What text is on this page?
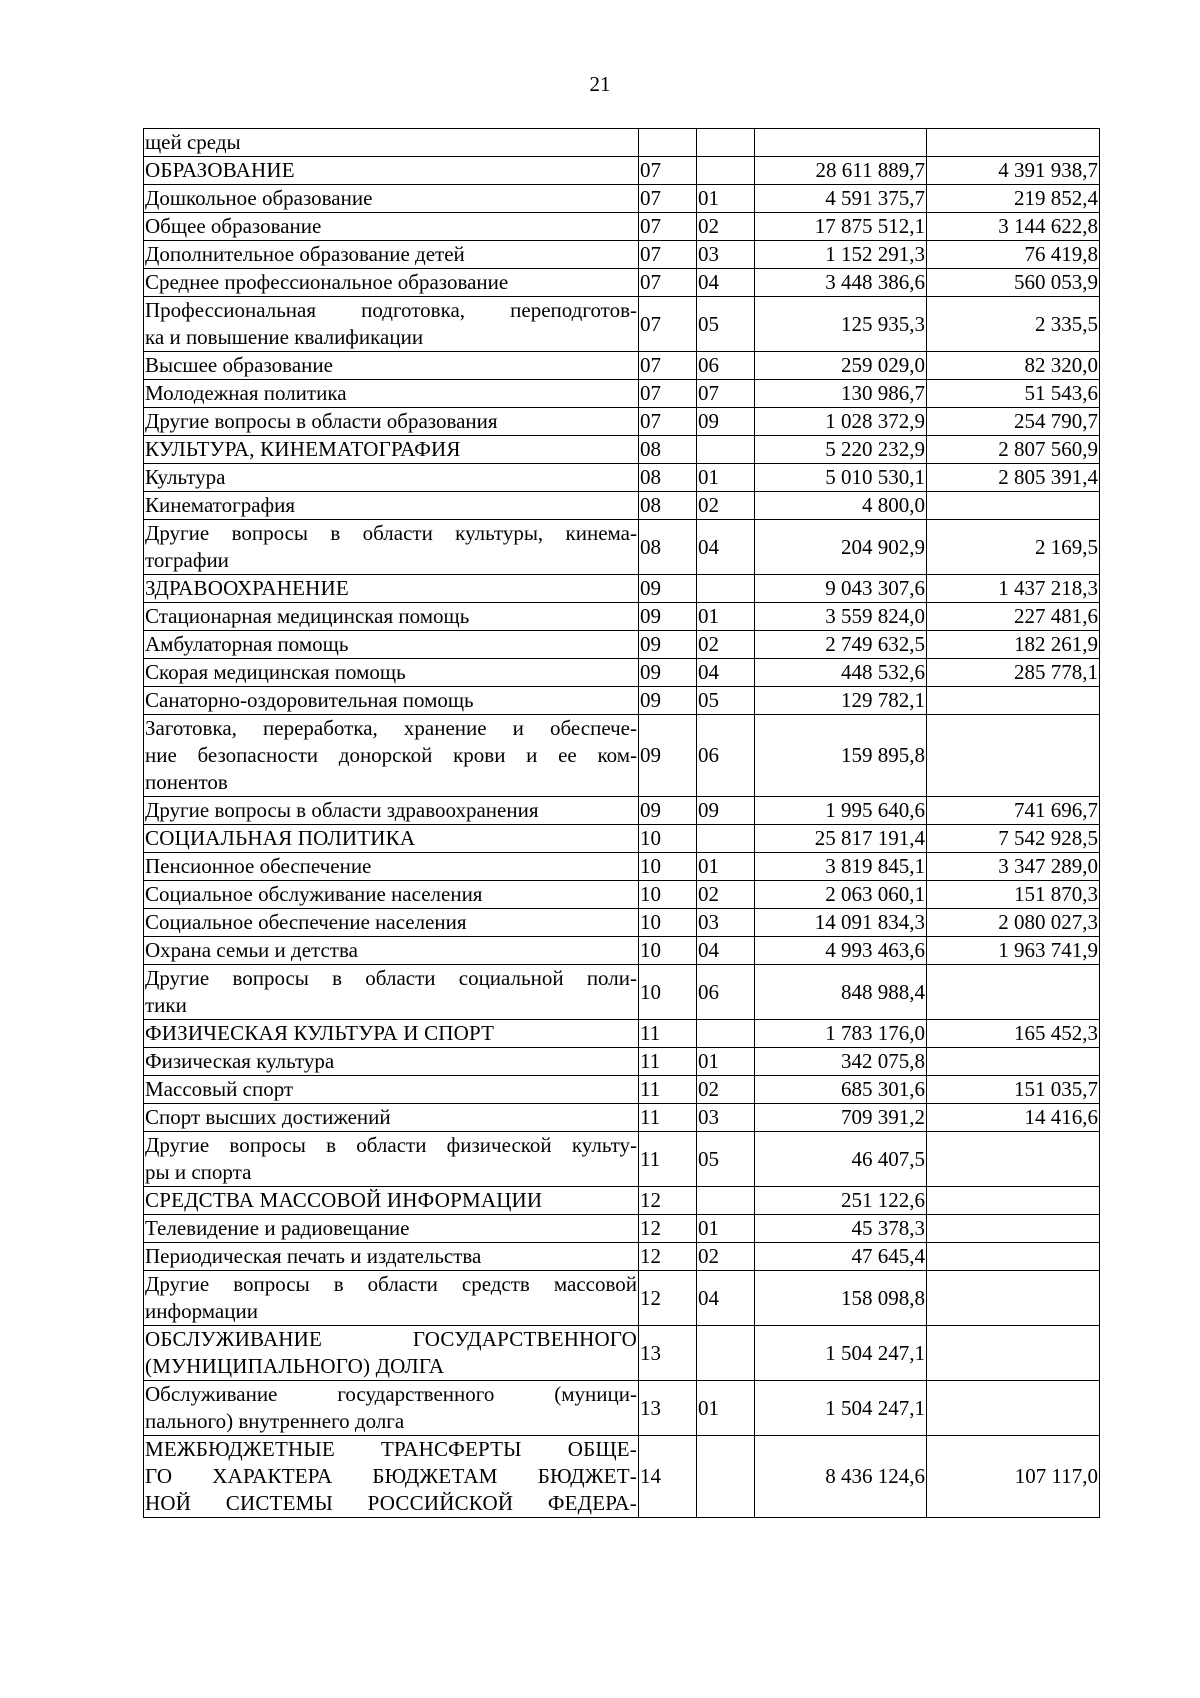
21
щей среды				

ОБРАЗОВАНИЕ	07		28 611 889,7	4 391 938,7

Дошкольное образование	07	01	4 591 375,7	219 852,4

Общее образование	07	02	17 875 512,1	3 144 622,8

Дополнительное образование детей	07	03	1 152 291,3	76 419,8

Среднее профессиональное образование	07	04	3 448 386,6	560 053,9

Профессиональная подготовка, переподготов-
ка и повышение квалификации	07	05	125 935,3	2 335,5

Высшее образование	07	06	259 029,0	82 320,0

Молодежная политика	07	07	130 986,7	51 543,6

Другие вопросы в области образования	07	09	1 028 372,9	254 790,7

КУЛЬТУРА, КИНЕМАТОГРАФИЯ	08		5 220 232,9	2 807 560,9

Культура	08	01	5 010 530,1	2 805 391,4

Кинематография	08	02	4 800,0	

Другие вопросы в области культуры, кинема-
тографии	08	04	204 902,9	2 169,5

ЗДРАВООХРАНЕНИЕ	09		9 043 307,6	1 437 218,3

Стационарная медицинская помощь	09	01	3 559 824,0	227 481,6

Амбулаторная помощь	09	02	2 749 632,5	182 261,9

Скорая медицинская помощь	09	04	448 532,6	285 778,1

Санаторно-оздоровительная помощь	09	05	129 782,1	

Заготовка, переработка, хранение и обеспече-
ние безопасности донорской крови и ее ком-
понентов	09	06	159 895,8	

Другие вопросы в области здравоохранения	09	09	1 995 640,6	741 696,7

СОЦИАЛЬНАЯ ПОЛИТИКА	10		25 817 191,4	7 542 928,5

Пенсионное обеспечение	10	01	3 819 845,1	3 347 289,0

Социальное обслуживание населения	10	02	2 063 060,1	151 870,3

Социальное обеспечение населения	10	03	14 091 834,3	2 080 027,3

Охрана семьи и детства	10	04	4 993 463,6	1 963 741,9

Другие вопросы в области социальной поли-
тики	10	06	848 988,4	

ФИЗИЧЕСКАЯ КУЛЬТУРА И СПОРТ	11		1 783 176,0	165 452,3

Физическая культура	11	01	342 075,8	

Массовый спорт	11	02	685 301,6	151 035,7

Спорт высших достижений	11	03	709 391,2	14 416,6

Другие вопросы в области физической культу-
ры и спорта	11	05	46 407,5	

СРЕДСТВА МАССОВОЙ ИНФОРМАЦИИ	12		251 122,6	

Телевидение и радиовещание	12	01	45 378,3	

Периодическая печать и издательства	12	02	47 645,4	

Другие вопросы в области средств массовой
информации	12	04	158 098,8	

ОБСЛУЖИВАНИЕ ГОСУДАРСТВЕННОГО
(МУНИЦИПАЛЬНОГО) ДОЛГА	13		1 504 247,1	

Обслуживание государственного (муници-
пального) внутреннего долга	13	01	1 504 247,1	

МЕЖБЮДЖЕТНЫЕ ТРАНСФЕРТЫ ОБЩЕ-
ГО ХАРАКТЕРА БЮДЖЕТАМ БЮДЖЕТ-
НОЙ СИСТЕМЫ РОССИЙСКОЙ ФЕДЕРА-	14		8 436 124,6	107 117,0
